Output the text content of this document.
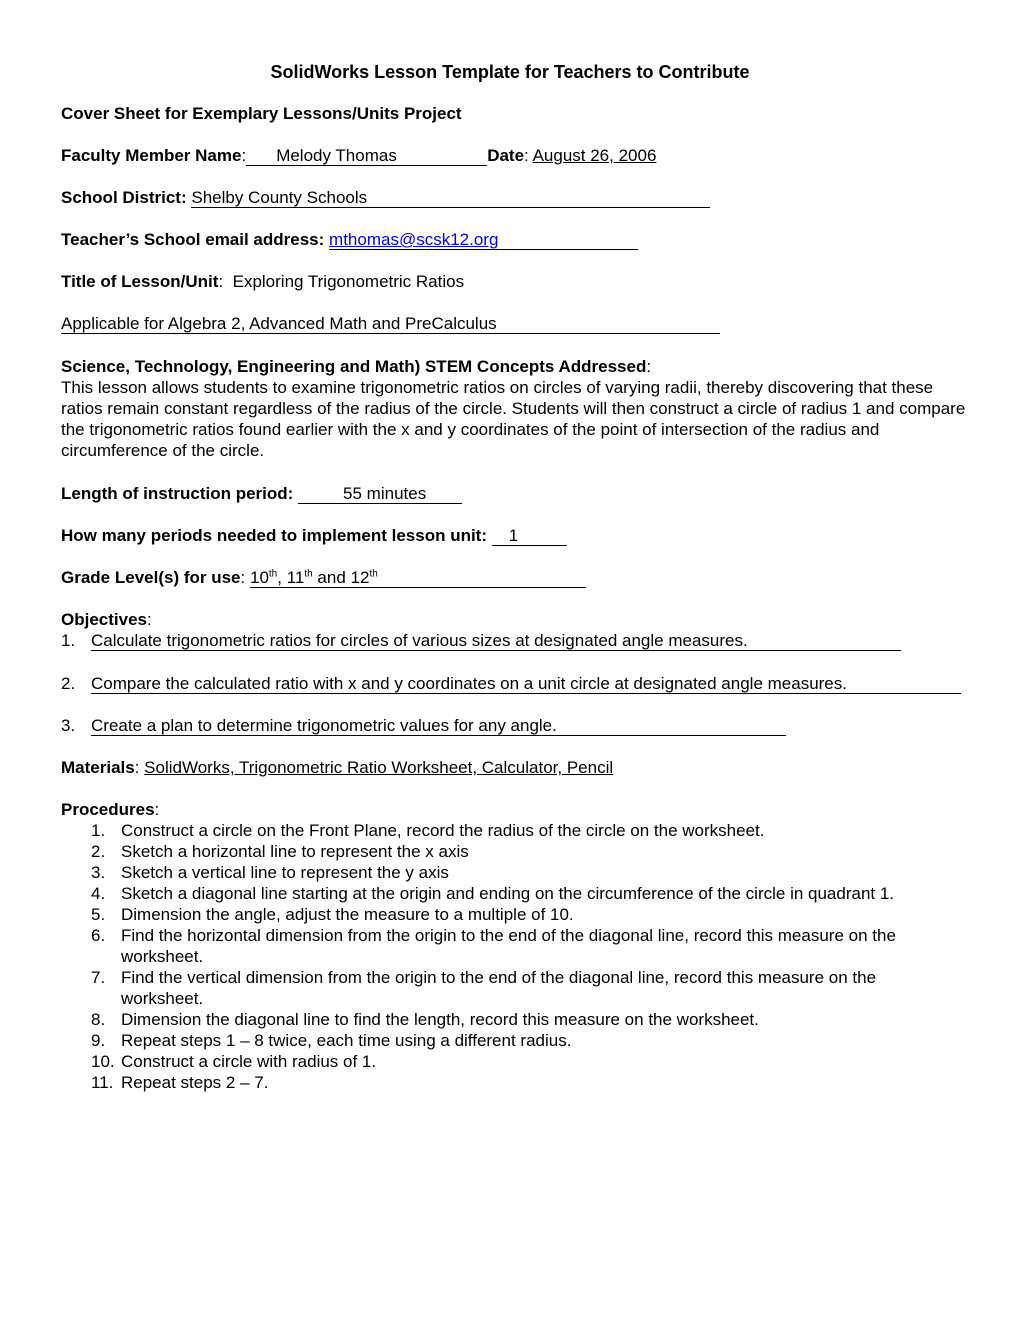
SolidWorks Lesson Template for Teachers to Contribute
Cover Sheet for Exemplary Lessons/Units Project
Faculty Member Name: Melody Thomas	Date: August 26, 2006
School District: Shelby County Schools
Teacher’s School email address: mthomas@scsk12.org
Title of Lesson/Unit: Exploring Trigonometric Ratios
Applicable for Algebra 2, Advanced Math and PreCalculus
Science, Technology, Engineering and Math) STEM Concepts Addressed:
This lesson allows students to examine trigonometric ratios on circles of varying radii, thereby discovering that these ratios remain constant regardless of the radius of the circle. Students will then construct a circle of radius 1 and compare the trigonometric ratios found earlier with the x and y coordinates of the point of intersection of the radius and circumference of the circle.
Length of instruction period:	55 minutes
How many periods needed to implement lesson unit: 1
Grade Level(s) for use: 10th, 11th and 12th
Objectives:
1. Calculate trigonometric ratios for circles of various sizes at designated angle measures.
2. Compare the calculated ratio with x and y coordinates on a unit circle at designated angle measures.
3. Create a plan to determine trigonometric values for any angle.
Materials: SolidWorks, Trigonometric Ratio Worksheet, Calculator, Pencil
Procedures:
1. Construct a circle on the Front Plane, record the radius of the circle on the worksheet.
2. Sketch a horizontal line to represent the x axis
3. Sketch a vertical line to represent the y axis
4. Sketch a diagonal line starting at the origin and ending on the circumference of the circle in quadrant 1.
5. Dimension the angle, adjust the measure to a multiple of 10.
6. Find the horizontal dimension from the origin to the end of the diagonal line, record this measure on the worksheet.
7. Find the vertical dimension from the origin to the end of the diagonal line, record this measure on the worksheet.
8. Dimension the diagonal line to find the length, record this measure on the worksheet.
9. Repeat steps 1 – 8 twice, each time using a different radius.
10. Construct a circle with radius of 1.
11. Repeat steps 2 – 7.
